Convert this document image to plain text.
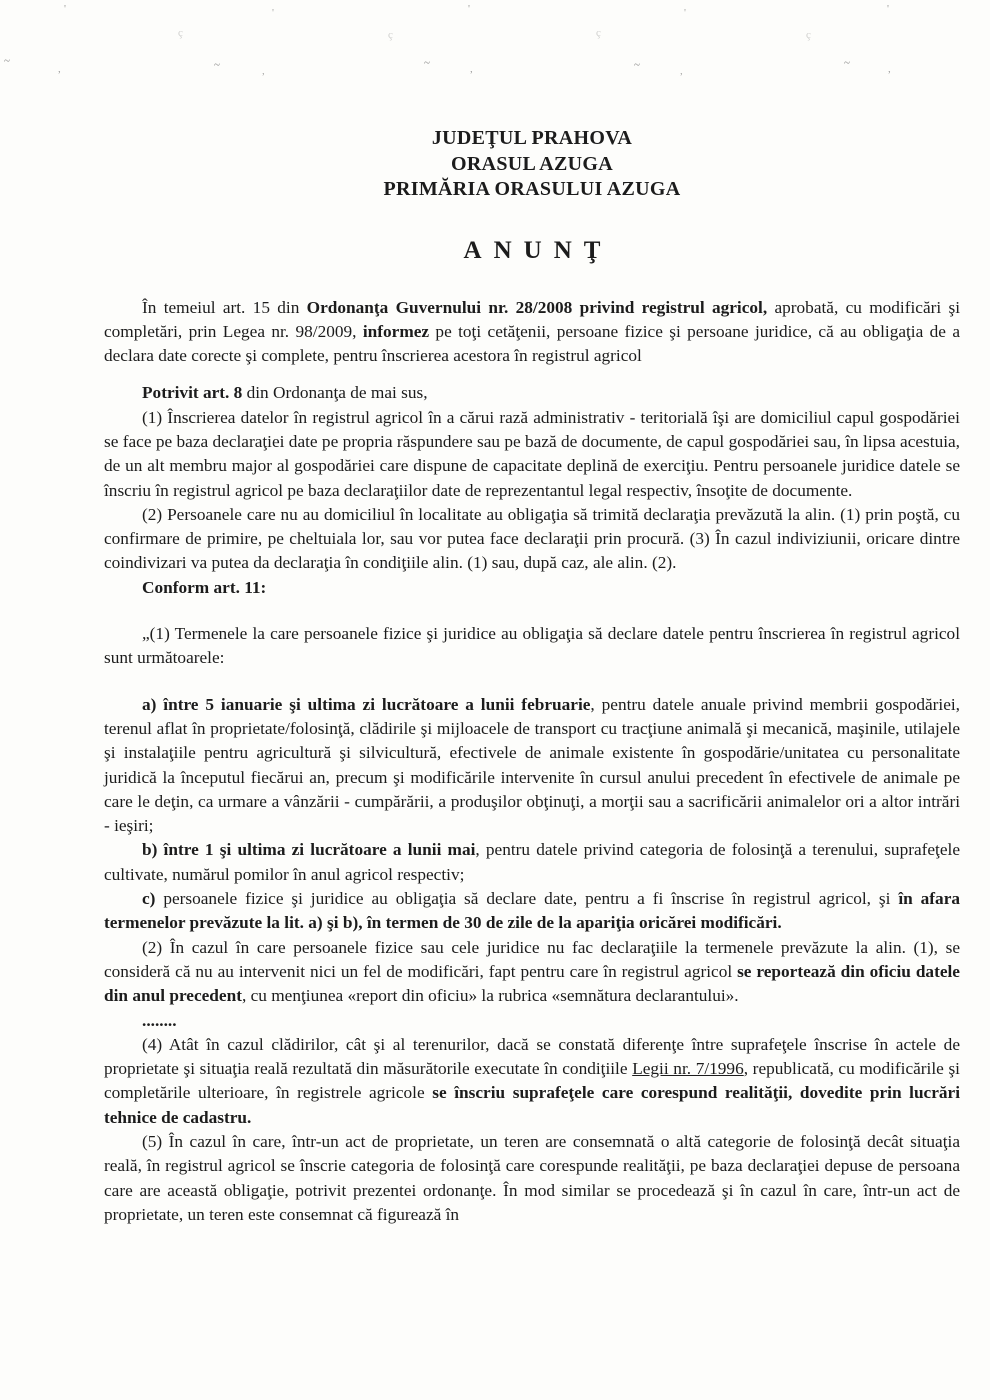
'	'	'	'	'
ç	ç	ç	ç
~	~	~	~	~
,	,	,	,	,
JUDEŢUL PRAHOVA
ORASUL AZUGA
PRIMĂRIA ORASULUI AZUGA
ANUNŢ

În temeiul art. 15 din Ordonanţa Guvernului nr. 28/2008 privind registrul agricol, aprobată, cu modificări şi completări, prin Legea nr. 98/2009, informez pe toţi cetăţenii, persoane fizice şi persoane juridice, că au obligaţia de a declara date corecte şi complete, pentru înscrierea acestora în registrul agricol

Potrivit art. 8 din Ordonanţa de mai sus,

(1) Înscrierea datelor în registrul agricol în a cărui rază administrativ - teritorială îşi are domiciliul capul gospodăriei se face pe baza declaraţiei date pe propria răspundere sau pe bază de documente, de capul gospodăriei sau, în lipsa acestuia, de un alt membru major al gospodăriei care dispune de capacitate deplină de exerciţiu. Pentru persoanele juridice datele se înscriu în registrul agricol pe baza declaraţiilor date de reprezentantul legal respectiv, însoţite de documente.

(2) Persoanele care nu au domiciliul în localitate au obligaţia să trimită declaraţia prevăzută la alin. (1) prin poştă, cu confirmare de primire, pe cheltuiala lor, sau vor putea face declaraţii prin procură. (3) În cazul indiviziunii, oricare dintre coindivizari va putea da declaraţia în condiţiile alin. (1) sau, după caz, ale alin. (2).

Conform art. 11:

„(1) Termenele la care persoanele fizice şi juridice au obligaţia să declare datele pentru înscrierea în registrul agricol sunt următoarele:

a) între 5 ianuarie şi ultima zi lucrătoare a lunii februarie, pentru datele anuale privind membrii gospodăriei, terenul aflat în proprietate/folosinţă, clădirile şi mijloacele de transport cu tracţiune animală şi mecanică, maşinile, utilajele şi instalaţiile pentru agricultură şi silvicultură, efectivele de animale existente în gospodărie/unitatea cu personalitate juridică la începutul fiecărui an, precum şi modificările intervenite în cursul anului precedent în efectivele de animale pe care le deţin, ca urmare a vânzării - cumpărării, a produşilor obţinuţi, a morţii sau a sacrificării animalelor ori a altor intrări - ieşiri;

b) între 1 şi ultima zi lucrătoare a lunii mai, pentru datele privind categoria de folosinţă a terenului, suprafeţele cultivate, numărul pomilor în anul agricol respectiv;

c) persoanele fizice şi juridice au obligaţia să declare date, pentru a fi înscrise în registrul agricol, şi în afara termenelor prevăzute la lit. a) şi b), în termen de 30 de zile de la apariţia oricărei modificări.

(2) În cazul în care persoanele fizice sau cele juridice nu fac declaraţiile la termenele prevăzute la alin. (1), se consideră că nu au intervenit nici un fel de modificări, fapt pentru care în registrul agricol se reportează din oficiu datele din anul precedent, cu menţiunea «report din oficiu» la rubrica «semnătura declarantului».

........

(4) Atât în cazul clădirilor, cât şi al terenurilor, dacă se constată diferenţe între suprafeţele înscrise în actele de proprietate şi situaţia reală rezultată din măsurătorile executate în condiţiile Legii nr. 7/1996, republicată, cu modificările şi completările ulterioare, în registrele agricole se înscriu suprafeţele care corespund realităţii, dovedite prin lucrări tehnice de cadastru.

(5) În cazul în care, într-un act de proprietate, un teren are consemnată o altă categorie de folosinţă decât situaţia reală, în registrul agricol se înscrie categoria de folosinţă care corespunde realităţii, pe baza declaraţiei depuse de persoana care are această obligaţie, potrivit prezentei ordonanţe. În mod similar se procedează şi în cazul în care, într-un act de proprietate, un teren este consemnat că figurează în
